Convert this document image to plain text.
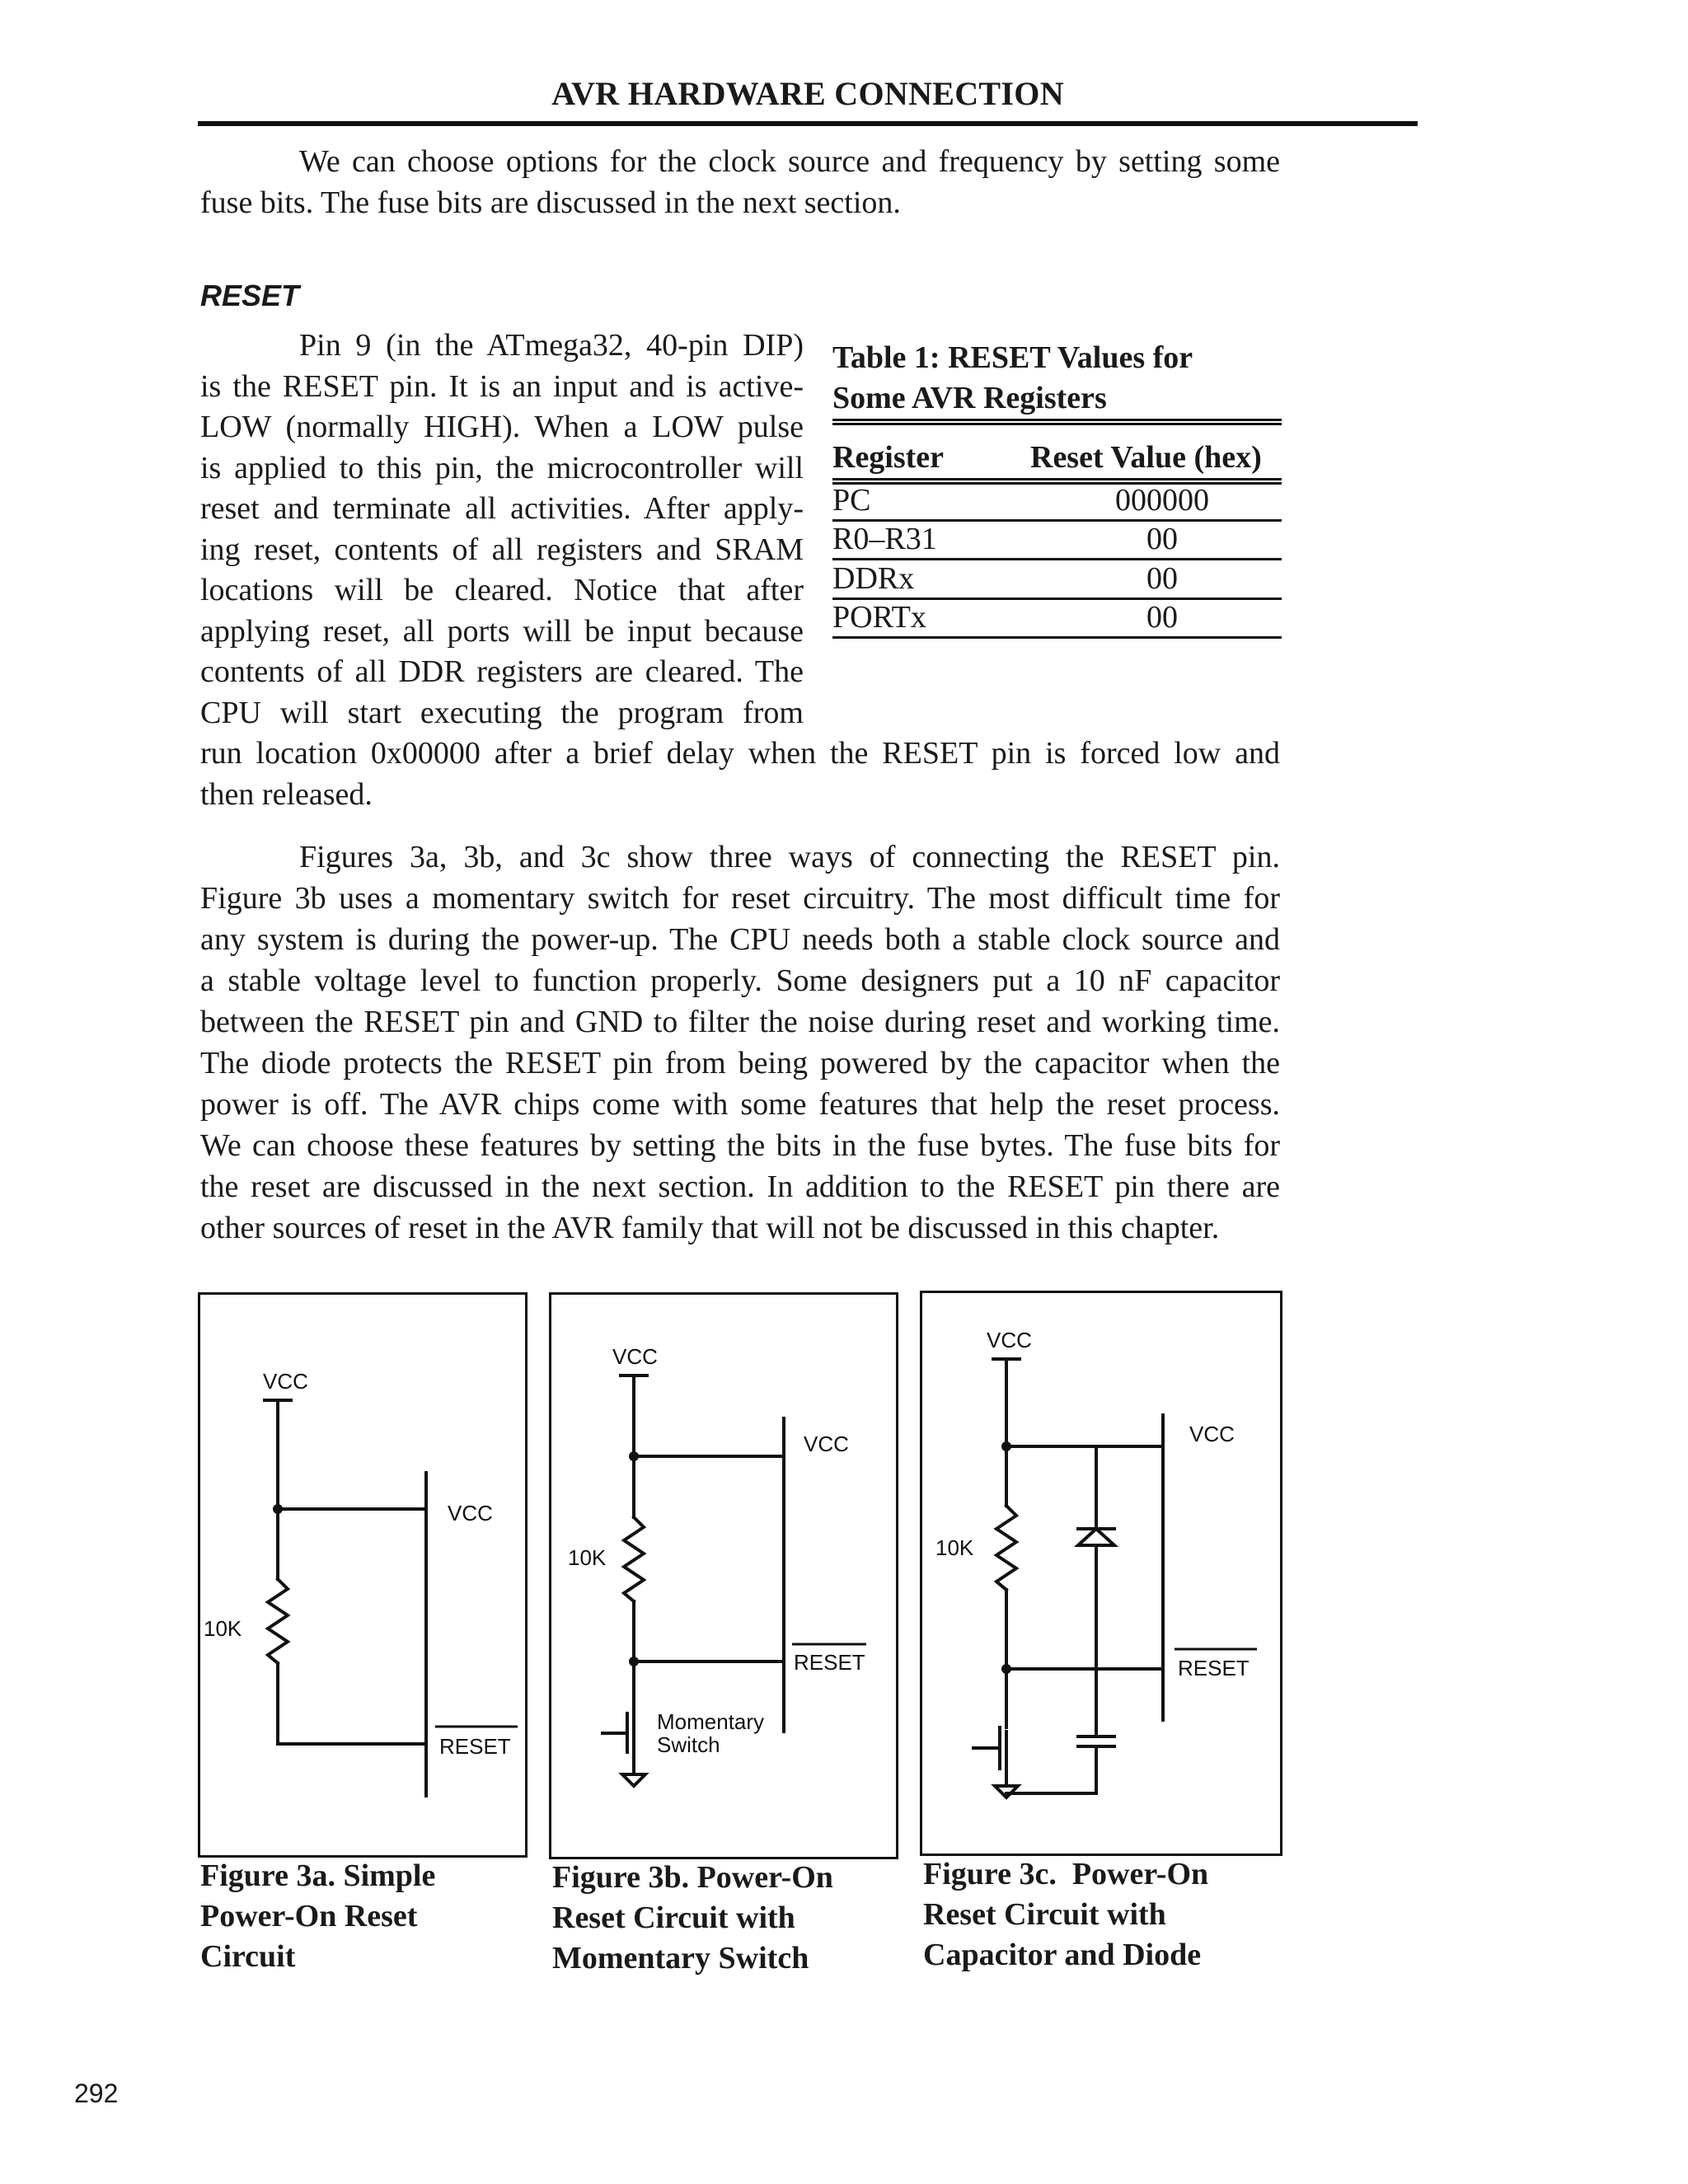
AVR HARDWARE CONNECTION
We can choose options for the clock source and frequency by setting some
fuse bits. The fuse bits are discussed in the next section.
RESET
Pin 9 (in the ATmega32, 40-pin DIP)
is the RESET pin. It is an input and is active-
LOW (normally HIGH). When a LOW pulse
is applied to this pin, the microcontroller will
reset and terminate all activities. After apply-
ing reset, contents of all registers and SRAM
locations will be cleared. Notice that after
applying reset, all ports will be input because
contents of all DDR registers are cleared. The
CPU will start executing the program from
run location 0x00000 after a brief delay when the RESET pin is forced low and
then released.
Table 1: RESET Values for
Some AVR Registers
Register	Reset Value (hex)
PC	000000
R0–R31	00
DDRx	00
PORTx	00
Figures 3a, 3b, and 3c show three ways of connecting the RESET pin.
Figure 3b uses a momentary switch for reset circuitry. The most difficult time for
any system is during the power-up. The CPU needs both a stable clock source and
a stable voltage level to function properly. Some designers put a 10 nF capacitor
between the RESET pin and GND to filter the noise during reset and working time.
The diode protects the RESET pin from being powered by the capacitor when the
power is off. The AVR chips come with some features that help the reset process.
We can choose these features by setting the bits in the fuse bytes. The fuse bits for
the reset are discussed in the next section. In addition to the RESET pin there are
other sources of reset in the AVR family that will not be discussed in this chapter.
VCC
VCC
10K
RESET
Figure 3a. Simple
Power-On Reset
Circuit
VCC
VCC
10K
RESET
Momentary
Switch
Figure 3b. Power-On
Reset Circuit with
Momentary Switch
VCC
VCC
10K
RESET
Figure 3c.  Power-On
Reset Circuit with
Capacitor and Diode
292
